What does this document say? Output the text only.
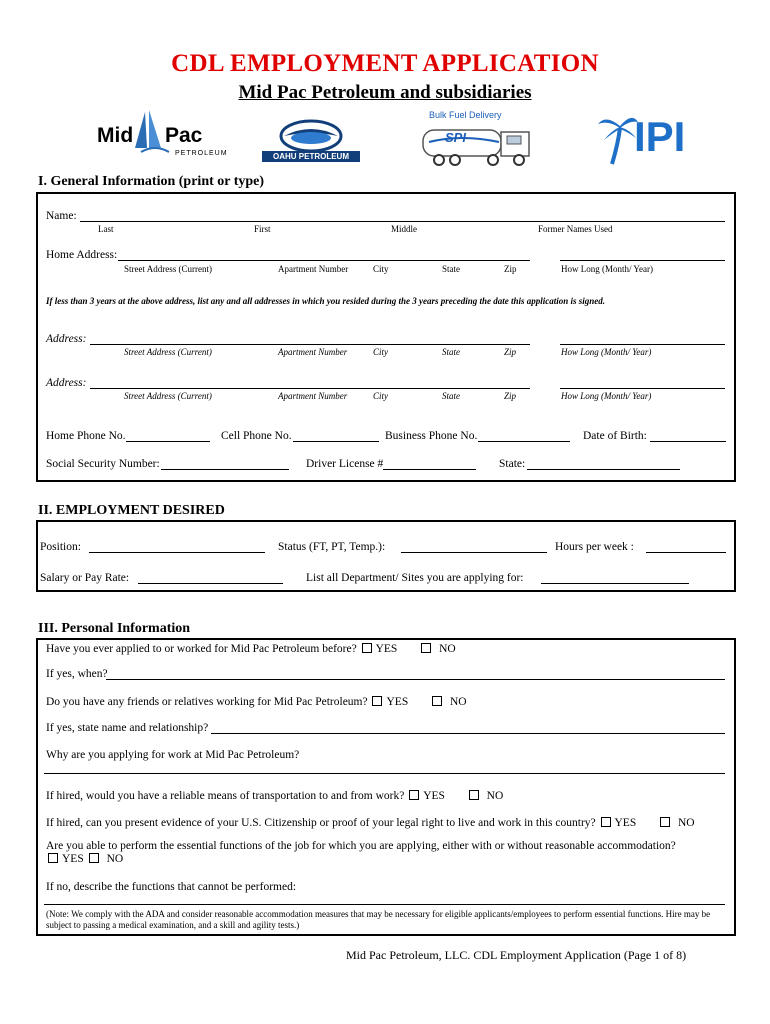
CDL EMPLOYMENT APPLICATION
Mid Pac Petroleum and subsidiaries
Mid Pac
PETROLEUM	OAHU PETROLEUM
Bulk Fuel Delivery
SPI	IPI
I. General Information (print or type)
Name:
Last	First	Middle	Former Names Used
Home Address:
Street Address (Current)	Apartment Number	City	State	Zip	How Long (Month/ Year)
If less than 3 years at the above address, list any and all addresses in which you resided during the 3 years preceding the date this application is signed.
Address:
Street Address (Current)	Apartment Number	City	State	Zip	How Long (Month/ Year)
Address:
Street Address (Current)	Apartment Number	City	State	Zip	How Long (Month/ Year)
Home Phone No.	Cell Phone No.	Business Phone No.	Date of Birth:
Social Security Number:	Driver License #	State:
II. EMPLOYMENT DESIRED
Position:	Status (FT, PT, Temp.):	Hours per week :
Salary or Pay Rate:	List all Department/ Sites you are applying for:
III. Personal Information
Have you ever applied to or worked for Mid Pac Petroleum before? YES	NO
If yes, when?
Do you have any friends or relatives working for Mid Pac Petroleum? YES	NO
If yes, state name and relationship?
Why are you applying for work at Mid Pac Petroleum?
If hired, would you have a reliable means of transportation to and from work? YES	NO
If hired, can you present evidence of your U.S. Citizenship or proof of your legal right to live and work in this country? YES	NO
Are you able to perform the essential functions of the job for which you are applying, either with or without reasonable accommodation?
YES NO
If no, describe the functions that cannot be performed:
(Note: We comply with the ADA and consider reasonable accommodation measures that may be necessary for eligible applicants/employees to perform essential functions. Hire may be subject to passing a medical examination, and a skill and agility tests.)
Mid Pac Petroleum, LLC. CDL Employment Application (Page 1 of 8)
